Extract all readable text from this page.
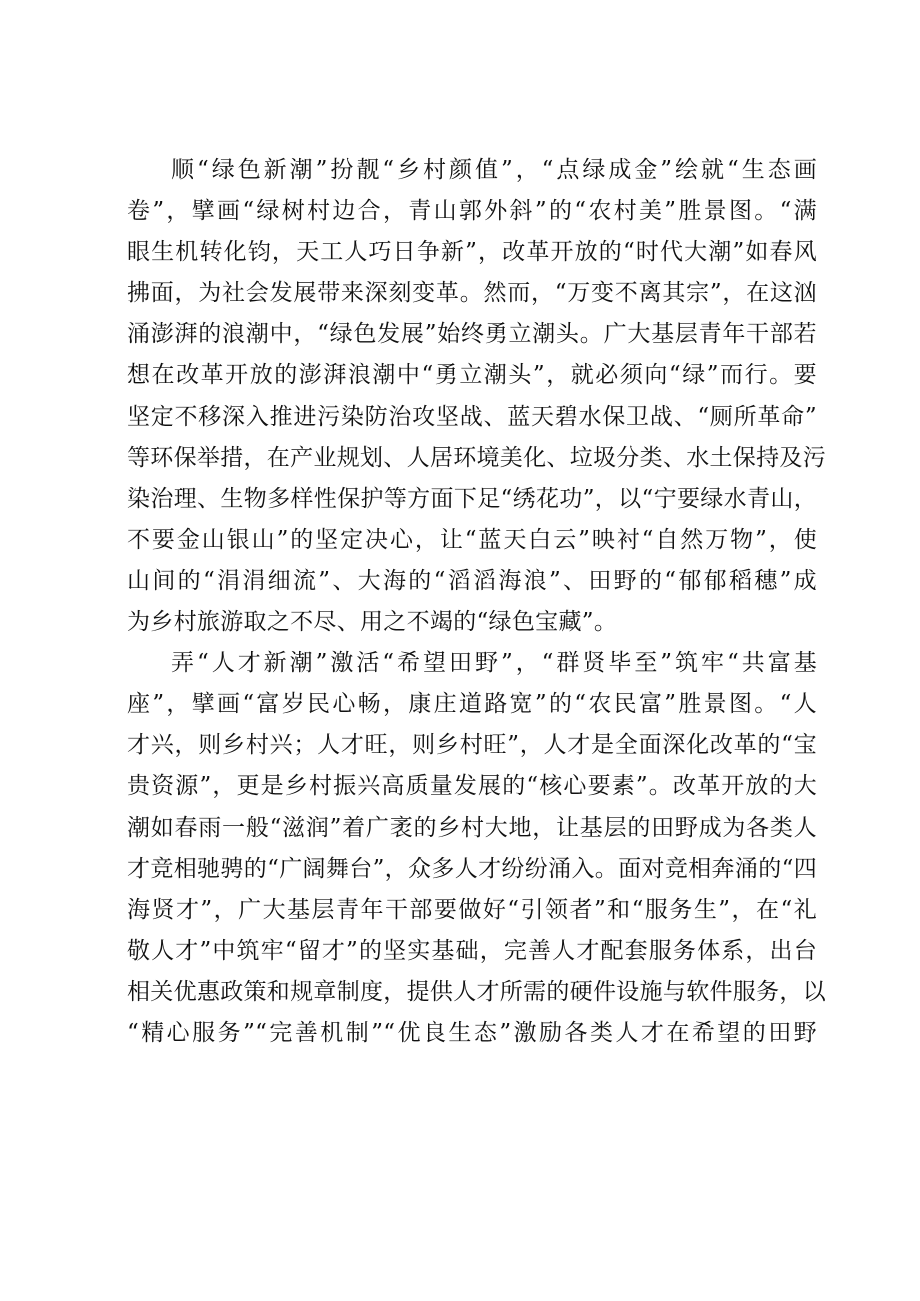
顺“绿色新潮”扮靓“乡村颜值”，“点绿成金”绘就“生态画
卷”，擘画“绿树村边合，青山郭外斜”的“农村美”胜景图。“满
眼生机转化钧，天工人巧日争新”，改革开放的“时代大潮”如春风
拂面，为社会发展带来深刻变革。然而，“万变不离其宗”，在这汹
涌澎湃的浪潮中，“绿色发展”始终勇立潮头。广大基层青年干部若
想在改革开放的澎湃浪潮中“勇立潮头”，就必须向“绿”而行。要
坚定不移深入推进污染防治攻坚战、蓝天碧水保卫战、“厕所革命”
等环保举措，在产业规划、人居环境美化、垃圾分类、水土保持及污
染治理、生物多样性保护等方面下足“绣花功”，以“宁要绿水青山，
不要金山银山”的坚定决心，让“蓝天白云”映衬“自然万物”，使
山间的“涓涓细流”、大海的“滔滔海浪”、田野的“郁郁稻穗”成
为乡村旅游取之不尽、用之不竭的“绿色宝藏”。
弄“人才新潮”激活“希望田野”，“群贤毕至”筑牢“共富基
座”，擘画“富岁民心畅，康庄道路宽”的“农民富”胜景图。“人
才兴，则乡村兴；人才旺，则乡村旺”，人才是全面深化改革的“宝
贵资源”，更是乡村振兴高质量发展的“核心要素”。改革开放的大
潮如春雨一般“滋润”着广袤的乡村大地，让基层的田野成为各类人
才竞相驰骋的“广阔舞台”，众多人才纷纷涌入。面对竞相奔涌的“四
海贤才”，广大基层青年干部要做好“引领者”和“服务生”，在“礼
敬人才”中筑牢“留才”的坚实基础，完善人才配套服务体系，出台
相关优惠政策和规章制度，提供人才所需的硬件设施与软件服务，以
“精心服务”“完善机制”“优良生态”激励各类人才在希望的田野
